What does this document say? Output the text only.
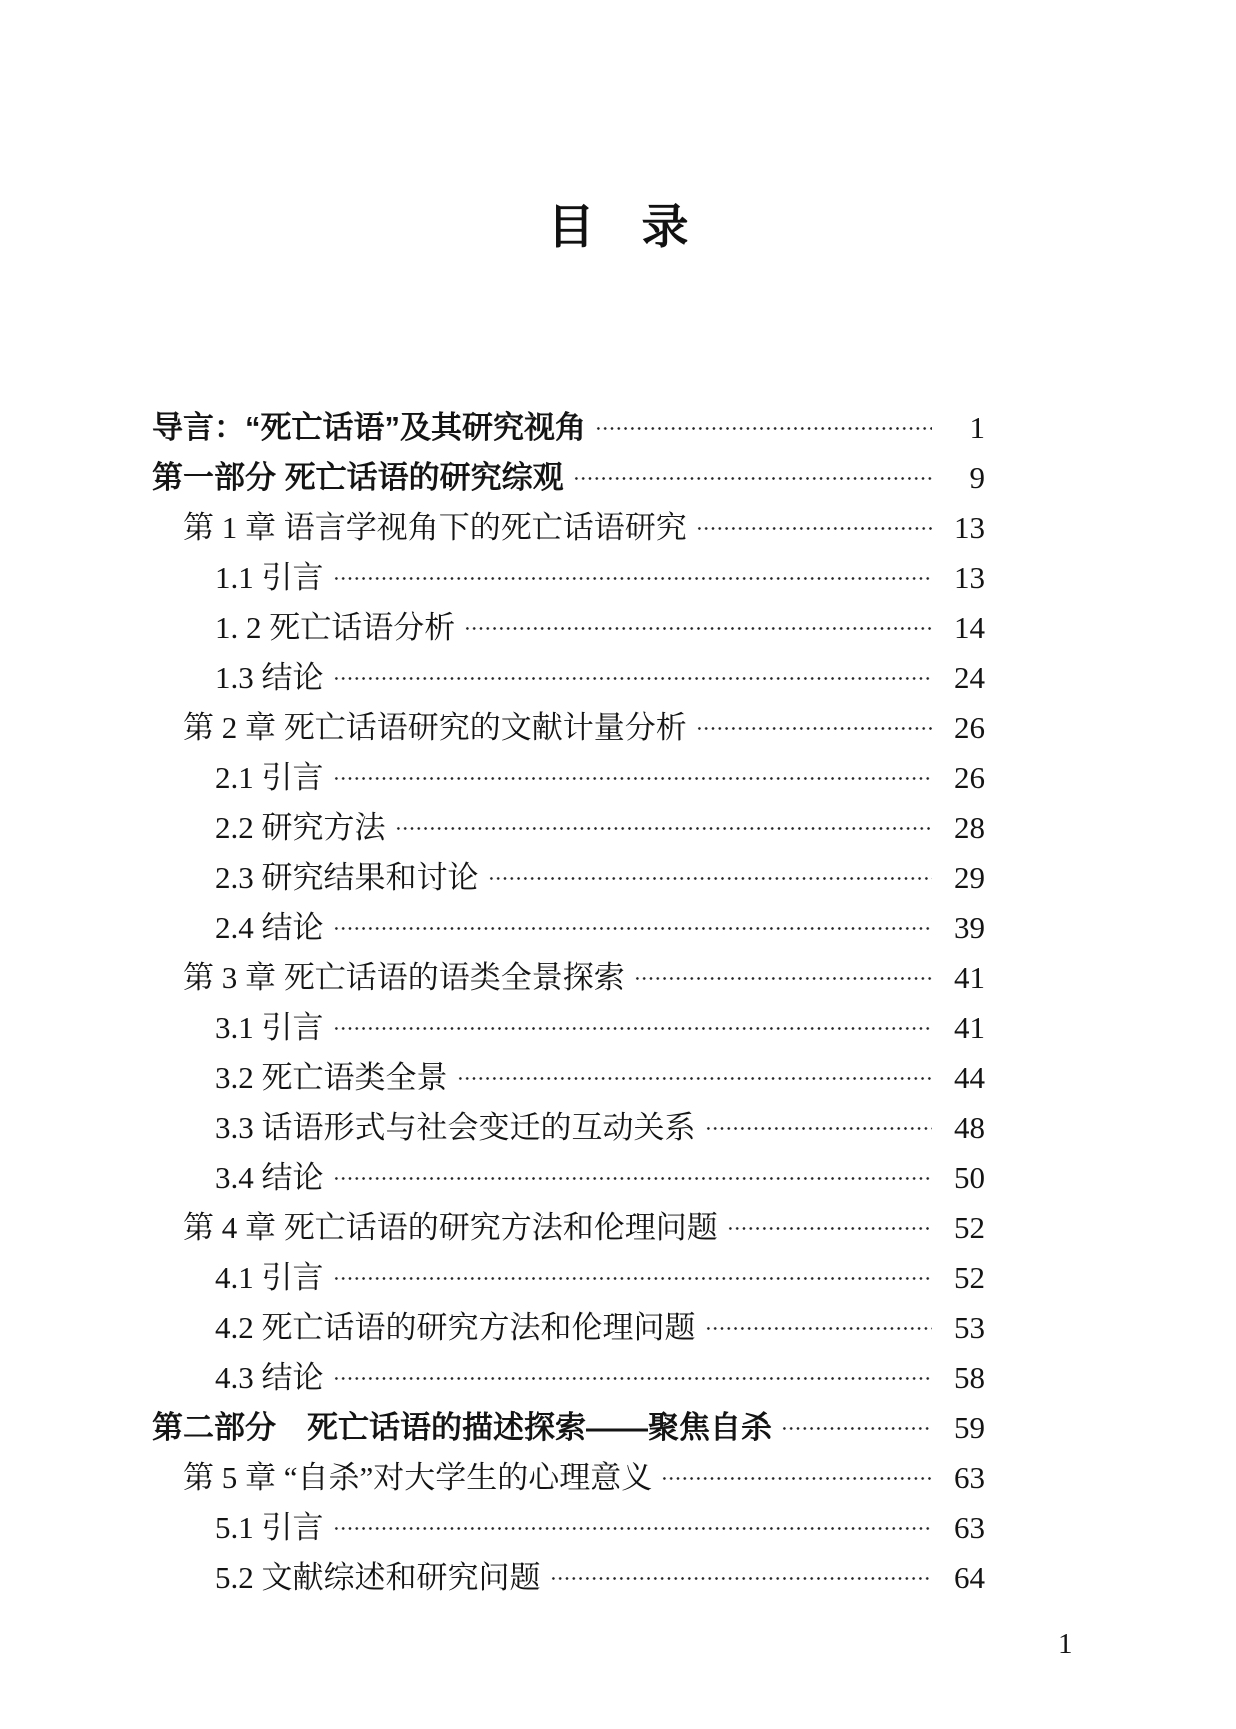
目　录
导言：“死亡话语”及其研究视角	1
第一部分 死亡话语的研究综观	9
第 1 章 语言学视角下的死亡话语研究	13
1.1 引言	13
1. 2 死亡话语分析	14
1.3 结论	24
第 2 章 死亡话语研究的文献计量分析	26
2.1 引言	26
2.2 研究方法	28
2.3 研究结果和讨论	29
2.4 结论	39
第 3 章 死亡话语的语类全景探索	41
3.1 引言	41
3.2 死亡语类全景	44
3.3 话语形式与社会变迁的互动关系	48
3.4 结论	50
第 4 章 死亡话语的研究方法和伦理问题	52
4.1 引言	52
4.2 死亡话语的研究方法和伦理问题	53
4.3 结论	58
第二部分　死亡话语的描述探索——聚焦自杀	59
第 5 章 “自杀”对大学生的心理意义	63
5.1 引言	63
5.2 文献综述和研究问题	64
1
